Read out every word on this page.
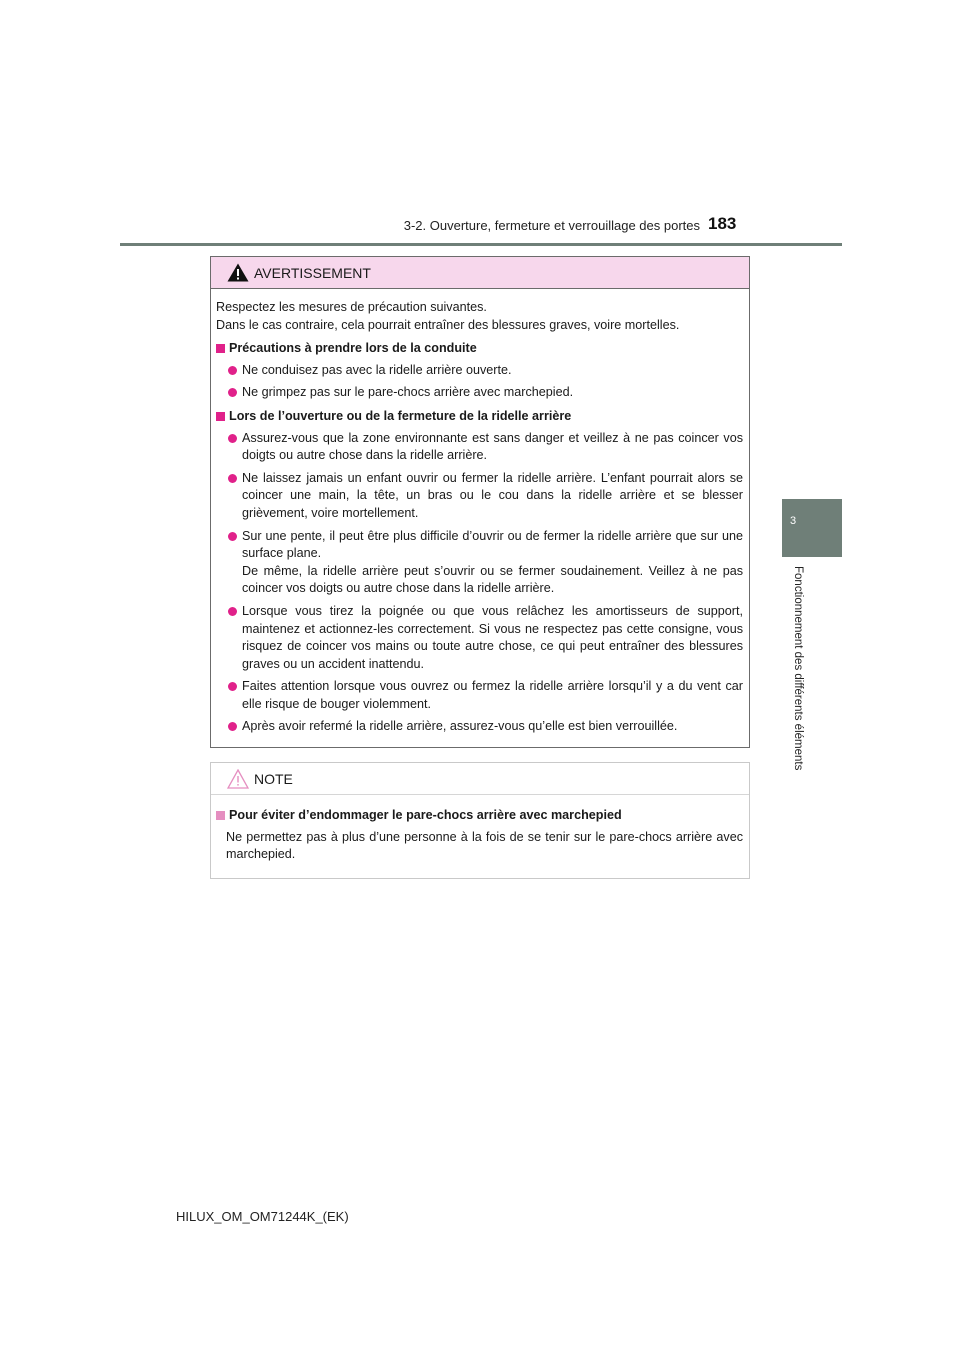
3-2. Ouverture, fermeture et verrouillage des portes 183
3
Fonctionnement des différents éléments
AVERTISSEMENT

Respectez les mesures de précaution suivantes.

Dans le cas contraire, cela pourrait entraîner des blessures graves, voire mortelles.

Précautions à prendre lors de la conduite

Ne conduisez pas avec la ridelle arrière ouverte.

Ne grimpez pas sur le pare-chocs arrière avec marchepied.

Lors de l’ouverture ou de la fermeture de la ridelle arrière

Assurez-vous que la zone environnante est sans danger et veillez à ne pas coincer vos doigts ou autre chose dans la ridelle arrière.

Ne laissez jamais un enfant ouvrir ou fermer la ridelle arrière. L’enfant pourrait alors se coincer une main, la tête, un bras ou le cou dans la ridelle arrière et se blesser grièvement, voire mortellement.

Sur une pente, il peut être plus difficile d’ouvrir ou de fermer la ridelle arrière que sur une surface plane.

De même, la ridelle arrière peut s’ouvrir ou se fermer soudainement. Veillez à ne pas coincer vos doigts ou autre chose dans la ridelle arrière.

Lorsque vous tirez la poignée ou que vous relâchez les amortisseurs de support, maintenez et actionnez-les correctement. Si vous ne respectez pas cette consigne, vous risquez de coincer vos mains ou toute autre chose, ce qui peut entraîner des blessures graves ou un accident inattendu.

Faites attention lorsque vous ouvrez ou fermez la ridelle arrière lorsqu’il y a du vent car elle risque de bouger violemment.

Après avoir refermé la ridelle arrière, assurez-vous qu’elle est bien verrouillée.

NOTE

Pour éviter d’endommager le pare-chocs arrière avec marchepied

Ne permettez pas à plus d’une personne à la fois de se tenir sur le pare-chocs arrière avec marchepied.

HILUX_OM_OM71244K_(EK)
